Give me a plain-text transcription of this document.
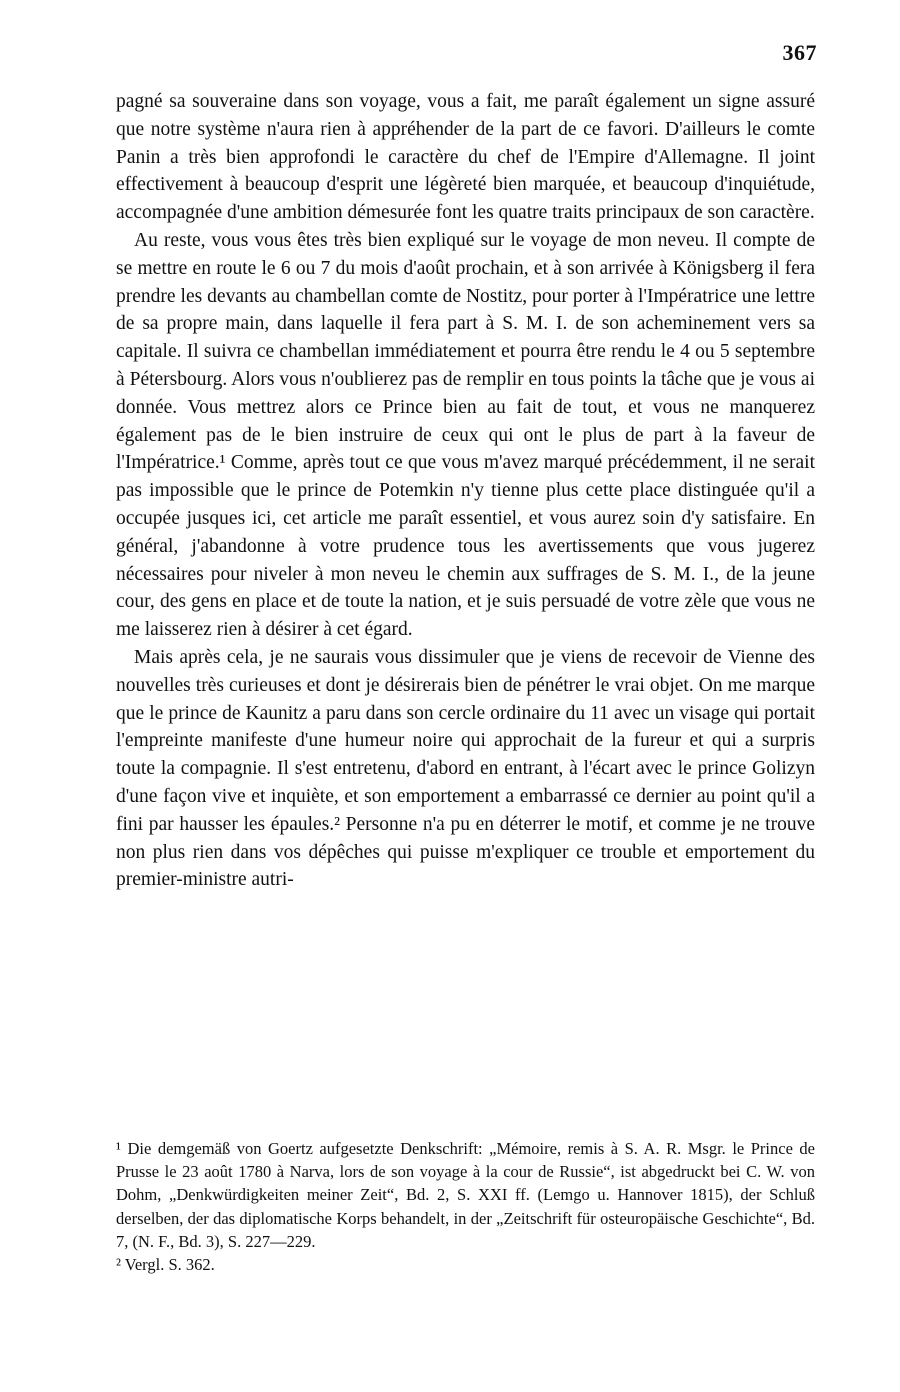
367

pagné sa souveraine dans son voyage, vous a fait, me paraît également un signe assuré que notre système n'aura rien à appréhender de la part de ce favori. D'ailleurs le comte Panin a très bien approfondi le caractère du chef de l'Empire d'Allemagne. Il joint effectivement à beaucoup d'esprit une légèreté bien marquée, et beaucoup d'inquiétude, accompagnée d'une ambition démesurée font les quatre traits principaux de son caractère.

Au reste, vous vous êtes très bien expliqué sur le voyage de mon neveu. Il compte de se mettre en route le 6 ou 7 du mois d'août prochain, et à son arrivée à Königsberg il fera prendre les devants au chambellan comte de Nostitz, pour porter à l'Impératrice une lettre de sa propre main, dans laquelle il fera part à S. M. I. de son acheminement vers sa capitale. Il suivra ce chambellan immédiatement et pourra être rendu le 4 ou 5 septembre à Pétersbourg. Alors vous n'oublierez pas de remplir en tous points la tâche que je vous ai donnée. Vous mettrez alors ce Prince bien au fait de tout, et vous ne manquerez également pas de le bien instruire de ceux qui ont le plus de part à la faveur de l'Impératrice.¹ Comme, après tout ce que vous m'avez marqué précédemment, il ne serait pas impossible que le prince de Potemkin n'y tienne plus cette place distinguée qu'il a occupée jusques ici, cet article me paraît essentiel, et vous aurez soin d'y satisfaire. En général, j'abandonne à votre prudence tous les avertissements que vous jugerez nécessaires pour niveler à mon neveu le chemin aux suffrages de S. M. I., de la jeune cour, des gens en place et de toute la nation, et je suis persuadé de votre zèle que vous ne me laisserez rien à désirer à cet égard.

Mais après cela, je ne saurais vous dissimuler que je viens de recevoir de Vienne des nouvelles très curieuses et dont je désirerais bien de pénétrer le vrai objet. On me marque que le prince de Kaunitz a paru dans son cercle ordinaire du 11 avec un visage qui portait l'empreinte manifeste d'une humeur noire qui approchait de la fureur et qui a surpris toute la compagnie. Il s'est entretenu, d'abord en entrant, à l'écart avec le prince Golizyn d'une façon vive et inquiète, et son emportement a embarrassé ce dernier au point qu'il a fini par hausser les épaules.² Personne n'a pu en déterrer le motif, et comme je ne trouve non plus rien dans vos dépêches qui puisse m'expliquer ce trouble et emportement du premier-ministre autri-

¹ Die demgemäß von Goertz aufgesetzte Denkschrift: „Mémoire, remis à S. A. R. Msgr. le Prince de Prusse le 23 août 1780 à Narva, lors de son voyage à la cour de Russie“, ist abgedruckt bei C. W. von Dohm, „Denkwürdigkeiten meiner Zeit“, Bd. 2, S. XXI ff. (Lemgo u. Hannover 1815), der Schluß derselben, der das diplomatische Korps behandelt, in der „Zeitschrift für osteuropäische Geschichte“, Bd. 7, (N. F., Bd. 3), S. 227—229.

² Vergl. S. 362.
